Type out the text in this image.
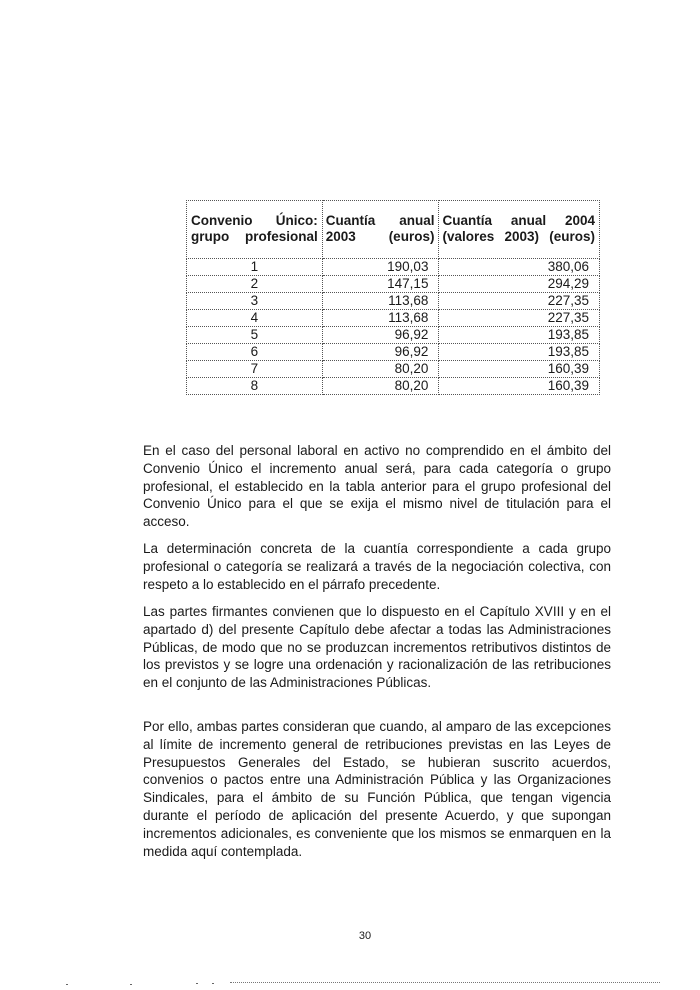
Convenio Único: grupo profesional	Cuantía anual 2003 (euros)	Cuantía anual 2004 (valores 2003) (euros)
1	190,03	380,06
2	147,15	294,29
3	113,68	227,35
4	113,68	227,35
5	96,92	193,85
6	96,92	193,85
7	80,20	160,39
8	80,20	160,39

En el caso del personal laboral en activo no comprendido en el ámbito del Convenio Único el incremento anual será, para cada categoría o grupo profesional, el establecido en la tabla anterior para el grupo profesional del Convenio Único para el que se exija el mismo nivel de titulación para el acceso.

La determinación concreta de la cuantía correspondiente a cada grupo profesional o categoría se realizará a través de la negociación colectiva, con respeto a lo establecido en el párrafo precedente.

Las partes firmantes convienen que lo dispuesto en el Capítulo XVIII y en el apartado d) del presente Capítulo debe afectar a todas las Administraciones Públicas, de modo que no se produzcan incrementos retributivos distintos de los previstos y se logre una ordenación y racionalización de las retribuciones en el conjunto de las Administraciones Públicas.

Por ello, ambas partes consideran que cuando, al amparo de las excepciones al límite de incremento general de retribuciones previstas en las Leyes de Presupuestos Generales del Estado, se hubieran suscrito acuerdos, convenios o pactos entre una Administración Pública y las Organizaciones Sindicales, para el ámbito de su Función Pública, que tengan vigencia durante el período de aplicación del presente Acuerdo, y que supongan incrementos adicionales, es conveniente que los mismos se enmarquen en la medida aquí contemplada.

30
